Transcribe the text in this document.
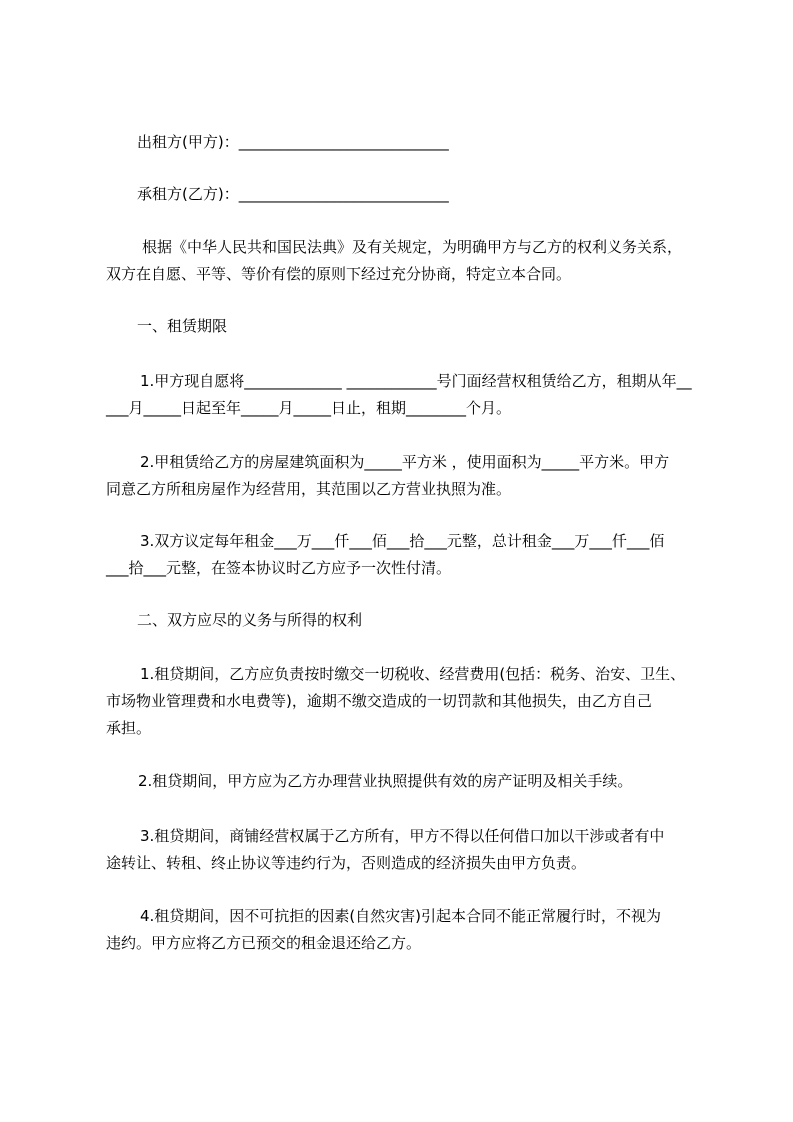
出租方(甲方)：____________________________
承租方(乙方)：____________________________
根据《中华人民共和国民法典》及有关规定，为明确甲方与乙方的权利义务关系，
双方在自愿、平等、等价有偿的原则下经过充分协商，特定立本合同。
一、租赁期限
1.甲方现自愿将_____________ ____________号门面经营权租赁给乙方，租期从年__
___月_____日起至年_____月_____日止，租期________个月。
2.甲租赁给乙方的房屋建筑面积为_____平方米 ，使用面积为_____平方米。甲方
同意乙方所租房屋作为经营用，其范围以乙方营业执照为准。
3.双方议定每年租金___万___仟___佰___拾___元整，总计租金___万___仟___佰
___拾___元整，在签本协议时乙方应予一次性付清。
二、双方应尽的义务与所得的权利
1.租贷期间，乙方应负责按时缴交一切税收、经营费用(包括：税务、治安、卫生、
市场物业管理费和水电费等)，逾期不缴交造成的一切罚款和其他损失，由乙方自己
承担。
2.租贷期间，甲方应为乙方办理营业执照提供有效的房产证明及相关手续。
3.租贷期间，商铺经营权属于乙方所有，甲方不得以任何借口加以干涉或者有中
途转让、转租、终止协议等违约行为，否则造成的经济损失由甲方负责。
4.租贷期间，因不可抗拒的因素(自然灾害)引起本合同不能正常履行时，不视为
违约。甲方应将乙方已预交的租金退还给乙方。
